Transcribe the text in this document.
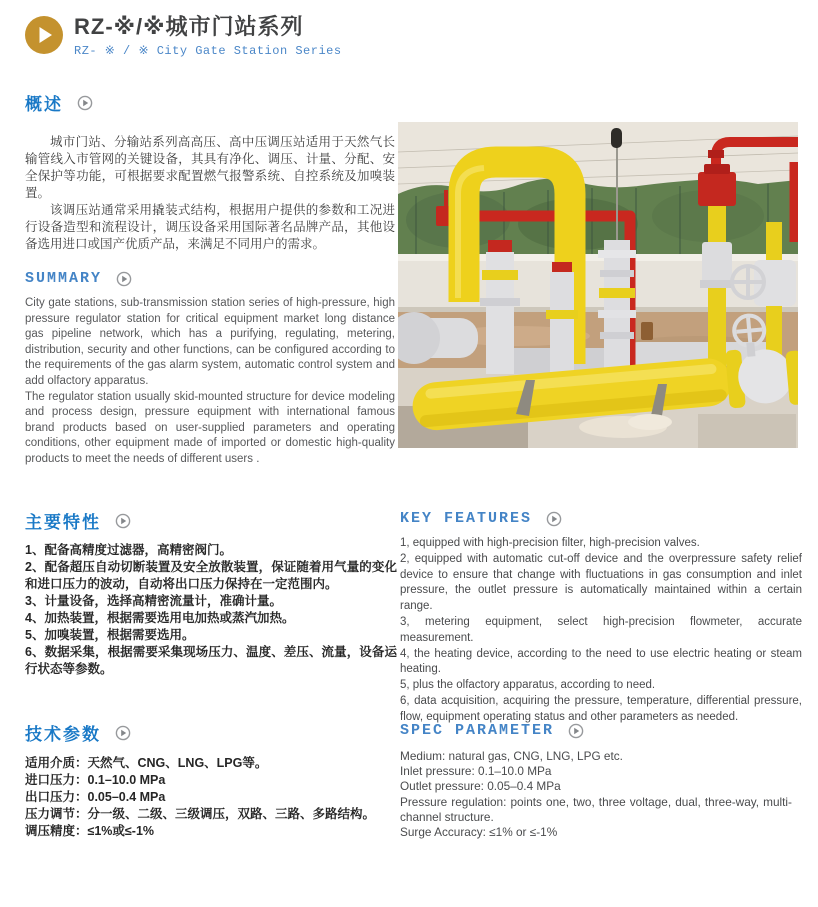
RZ-※/※城市门站系列
RZ- ※ / ※ City Gate Station Series
概述

城市门站、分输站系列高高压、高中压调压站适用于天然气长输管线入市管网的关键设备，其具有净化、调压、计量、分配、安全保护等功能，可根据要求配置燃气报警系统、自控系统及加嗅装置。

该调压站通常采用撬装式结构，根据用户提供的参数和工况进行设备造型和流程设计，调压设备采用国际著名品牌产品，其他设备选用进口或国产优质产品，来满足不同用户的需求。

SUMMARY

City gate stations, sub-transmission station series of high-pressure, high pressure regulator station for critical equipment market long distance gas pipeline network, which has a purifying, regulating, metering, distribution, security and other functions, can be configured according to the requirements of the gas alarm system, automatic control system and add olfactory apparatus.

The regulator station usually skid-mounted structure for device modeling and process design, pressure equipment with international famous brand products based on user-supplied parameters and operating conditions, other equipment made of imported or domestic high-quality products to meet the needs of different users .

主要特性
1、配备高精度过滤器，高精密阀门。
2、配备超压自动切断装置及安全放散装置，保证随着用气量的变化和进口压力的波动，自动将出口压力保持在一定范围内。
3、计量设备，选择高精密流量计，准确计量。
4、加热装置，根据需要选用电加热或蒸汽加热。
5、加嗅装置，根据需要选用。
6、数据采集，根据需要采集现场压力、温度、差压、流量，设备运行状态等参数。
KEY FEATURES
1, equipped with high-precision filter, high-precision valves.
2, equipped with automatic cut-off device and the overpressure safety relief device to ensure that change with fluctuations in gas consumption and inlet pressure, the outlet pressure is automatically maintained within a certain range.
3, metering equipment, select high-precision flowmeter, accurate measurement.
4, the heating device, according to the need to use electric heating or steam heating.
5, plus the olfactory apparatus, according to need.
6, data acquisition, acquiring the pressure, temperature, differential pressure, flow, equipment operating status and other parameters as needed.
技术参数
适用介质：天然气、CNG、LNG、LPG等。
进口压力：0.1–10.0 MPa
出口压力：0.05–0.4 MPa
压力调节：分一级、二级、三级调压，双路、三路、多路结构。
调压精度：≤1%或≤-1%
SPEC PARAMETER
Medium: natural gas, CNG, LNG, LPG etc.
Inlet pressure: 0.1–10.0 MPa
Outlet pressure: 0.05–0.4 MPa
Pressure regulation: points one, two, three voltage, dual, three-way, multi-channel structure.
Surge Accuracy: ≤1% or ≤-1%
